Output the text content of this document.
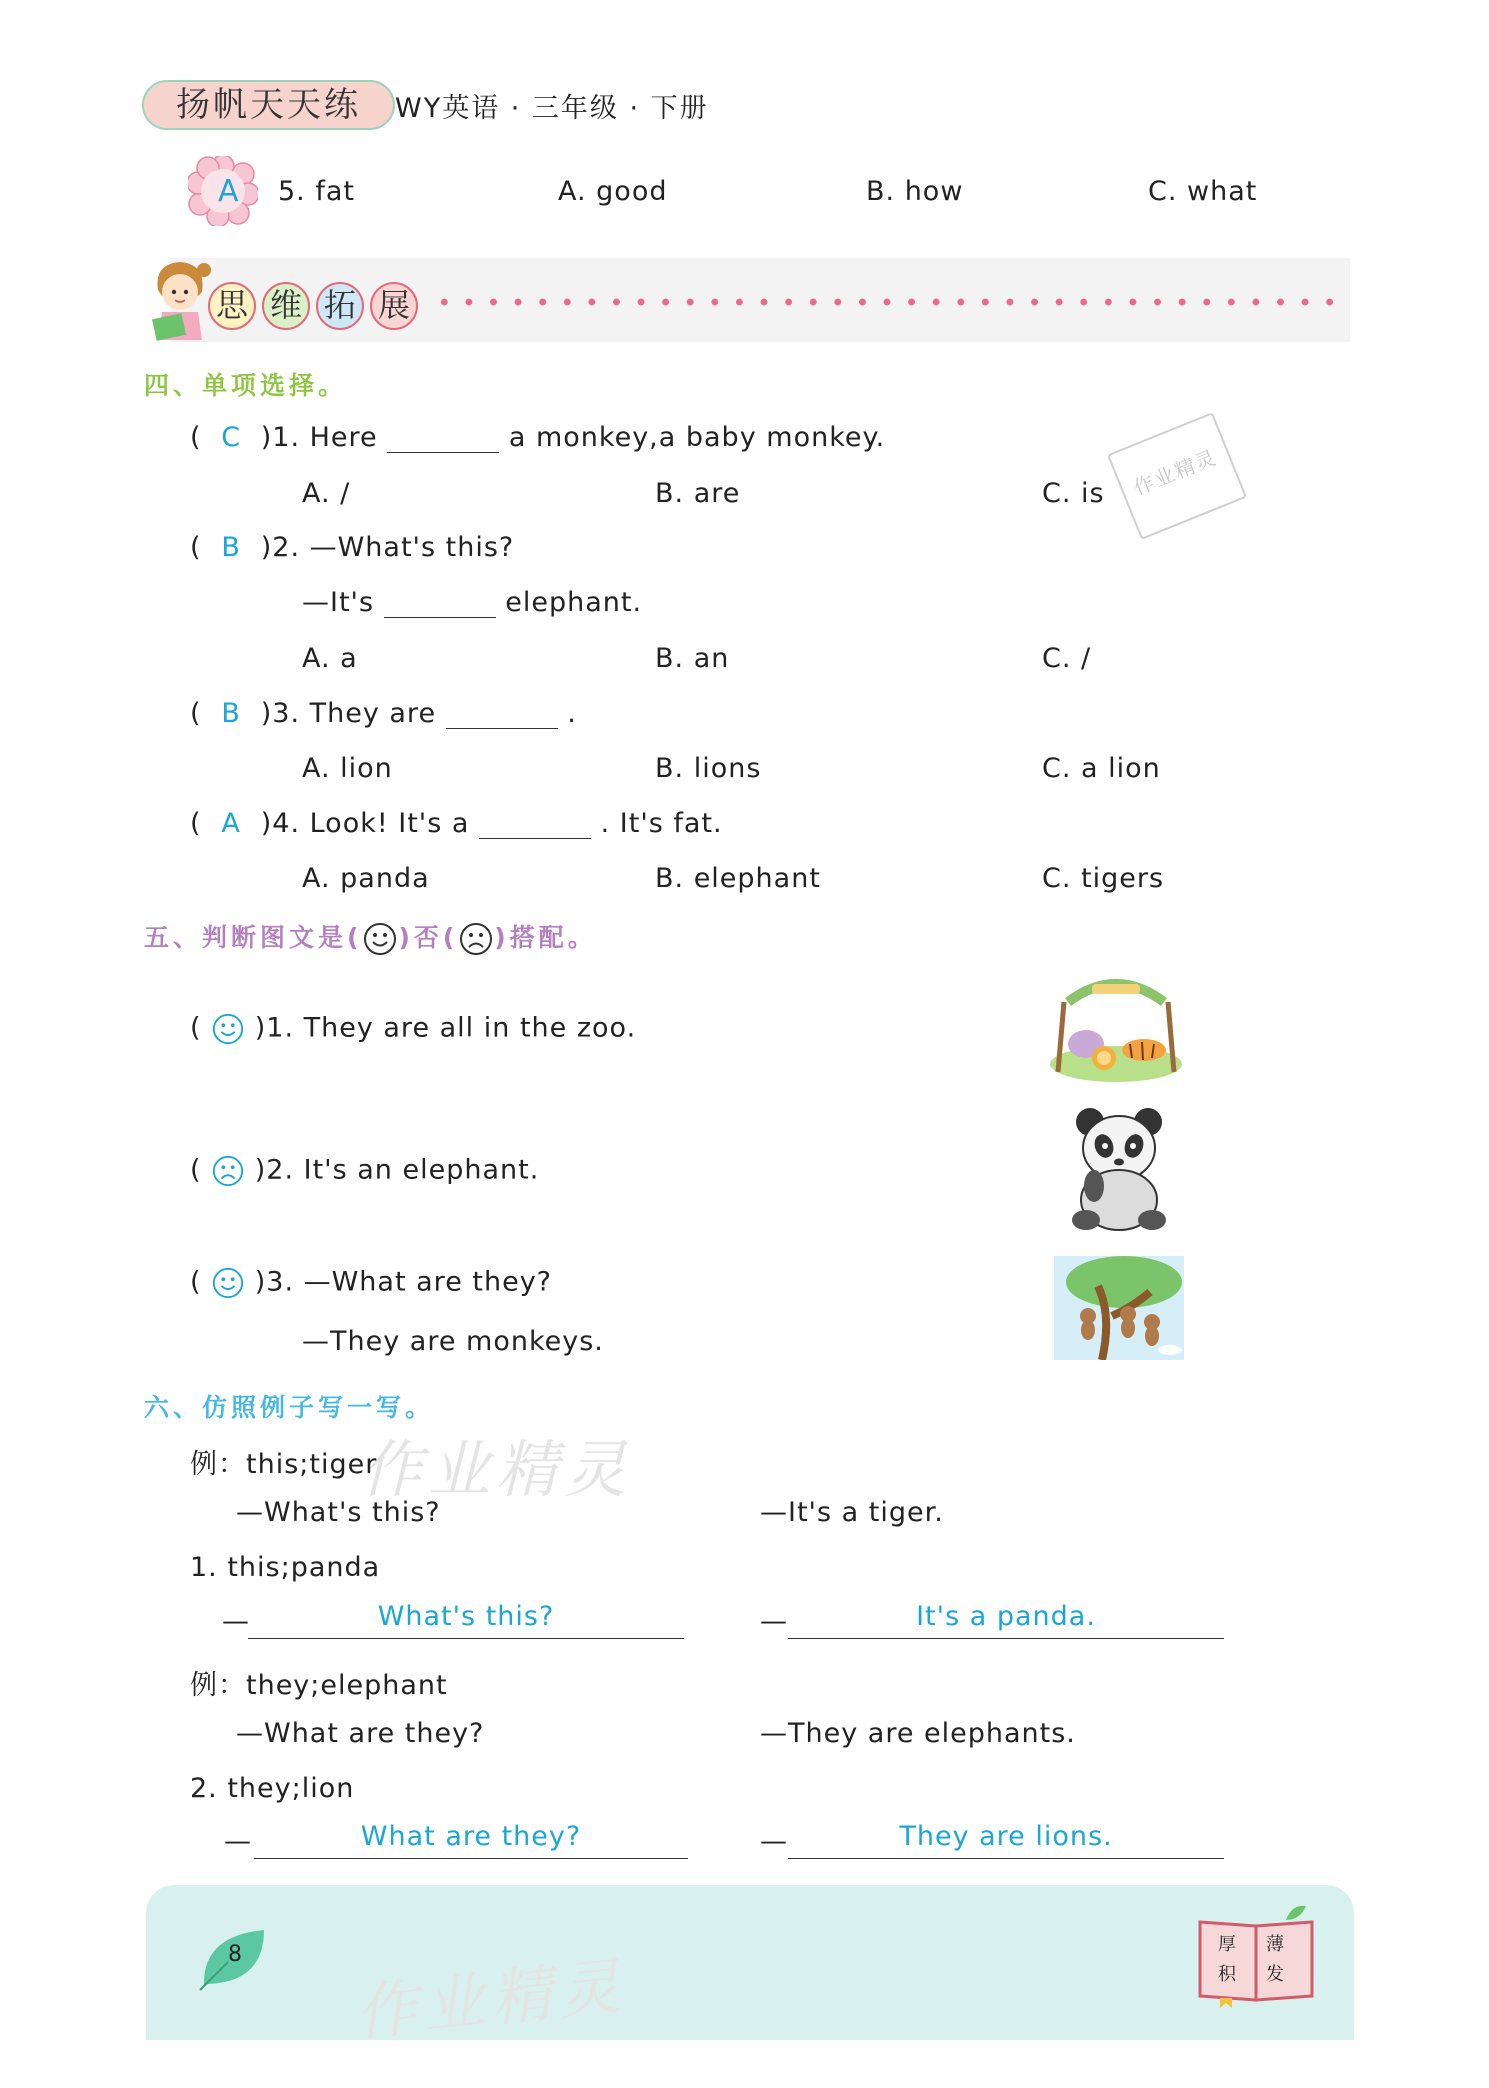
扬帆天天练	WY英语 · 三年级 · 下册
A 5. fat	A. good	B. how	C. what
思 维 拓 展
四、单项选择。
( C )1. Here	a monkey,a baby monkey.
A. /	B. are	C. is	作业精灵
( B )2. —What's this?
—It's	elephant.
A. a	B. an	C. /
( B )3. They are	.
A. lion	B. lions	C. a lion
( A )4. Look! It's a	. It's fat.
A. panda	B. elephant	C. tigers
五、判断图文是( )否( )搭配。
( )1. They are all in the zoo.
( )2. It's an elephant.
( )3. —What are they?
—They are monkeys.
六、仿照例子写一写。
作业精灵
例：this;tiger
—What's this?	—It's a tiger.
1. this;panda
—	What's this?	—	It's a panda.
例：they;elephant
—What are they?	—They are elephants.
2. they;lion
—	What are they?	—	They are lions.
8 作业精灵
厚 薄
积 发
